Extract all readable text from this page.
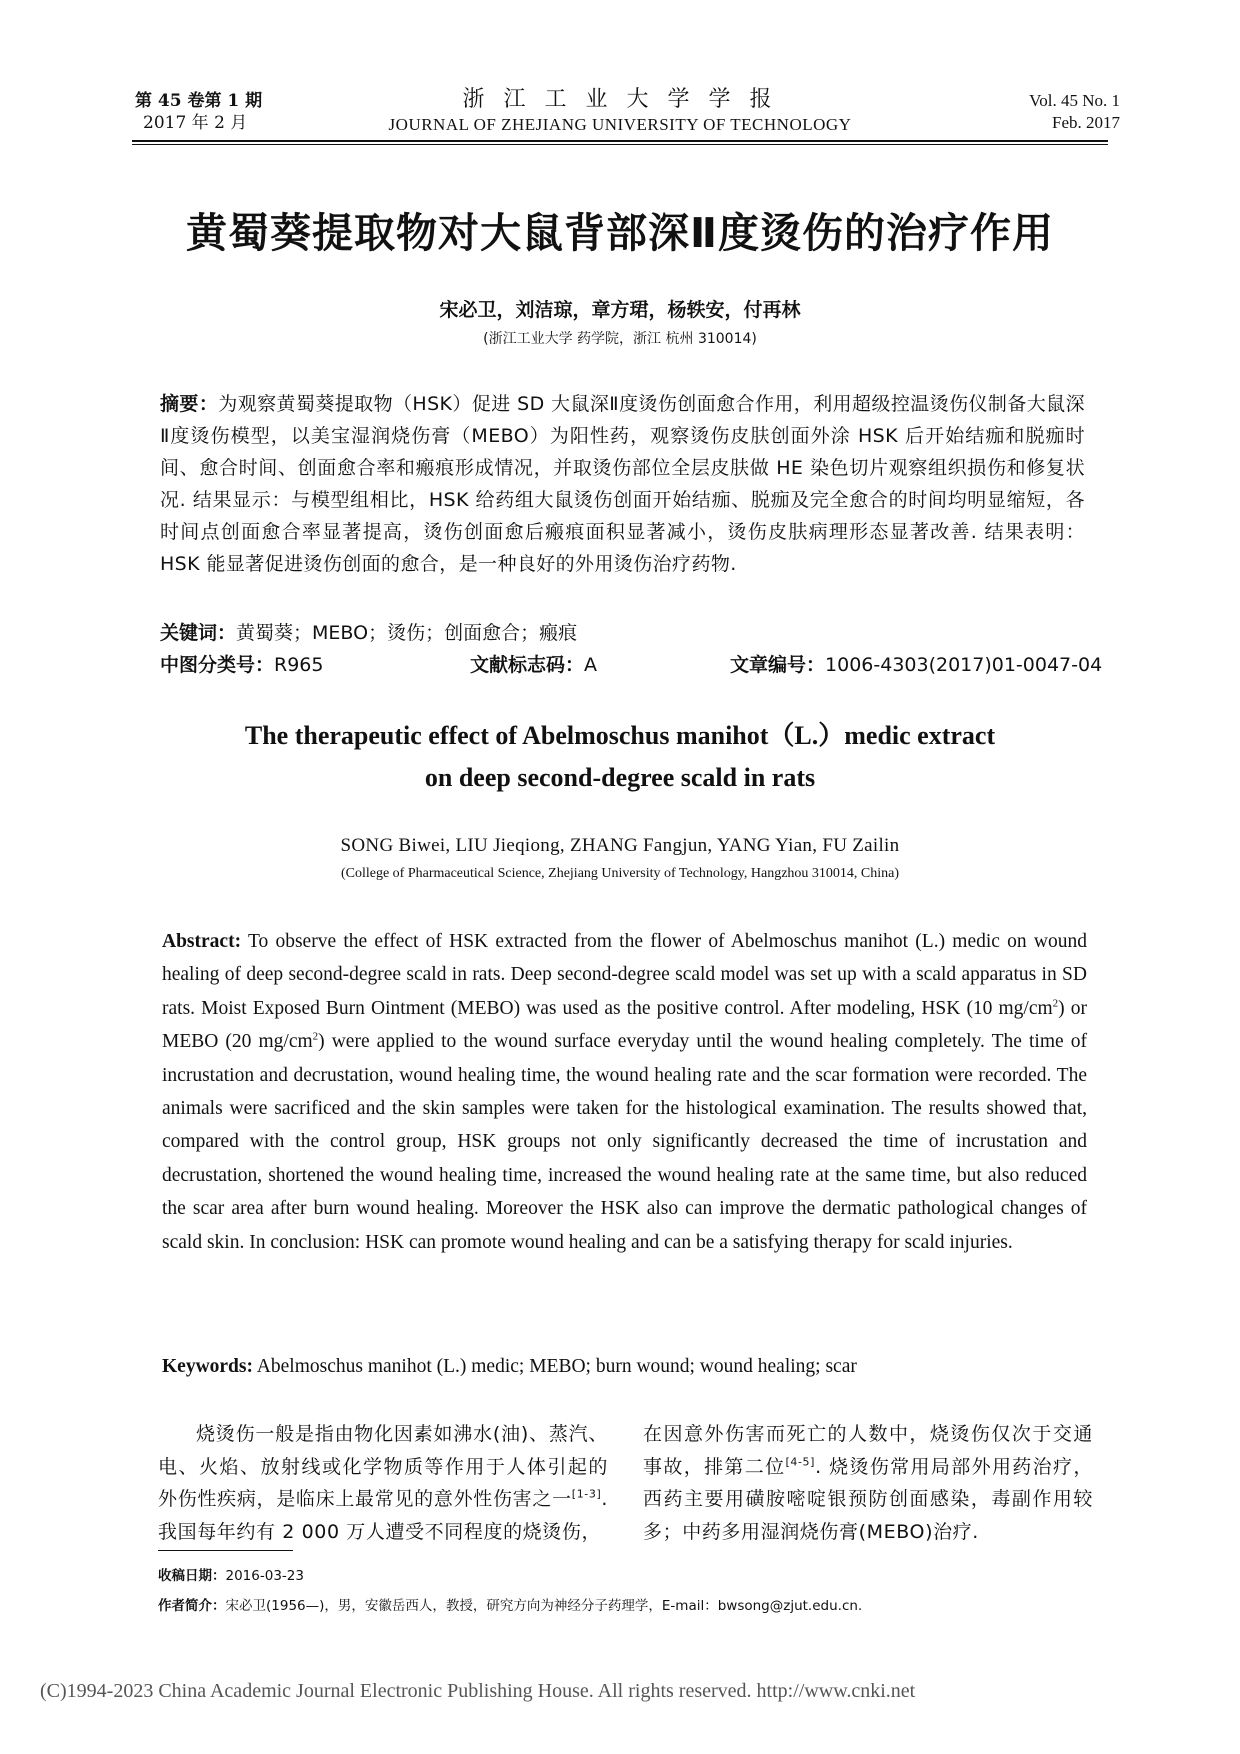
第 45 卷第 1 期
2017 年 2 月
浙 江 工 业 大 学 学 报
JOURNAL OF ZHEJIANG UNIVERSITY OF TECHNOLOGY
Vol. 45 No. 1
Feb. 2017
黄蜀葵提取物对大鼠背部深Ⅱ度烫伤的治疗作用
宋必卫，刘洁琼，章方珺，杨轶安，付再林
(浙江工业大学 药学院，浙江 杭州 310014)
摘要：为观察黄蜀葵提取物（HSK）促进 SD 大鼠深Ⅱ度烫伤创面愈合作用，利用超级控温烫伤仪制备大鼠深Ⅱ度烫伤模型，以美宝湿润烧伤膏（MEBO）为阳性药，观察烫伤皮肤创面外涂 HSK 后开始结痂和脱痂时间、愈合时间、创面愈合率和瘢痕形成情况，并取烫伤部位全层皮肤做 HE 染色切片观察组织损伤和修复状况. 结果显示：与模型组相比，HSK 给药组大鼠烫伤创面开始结痂、脱痂及完全愈合的时间均明显缩短，各时间点创面愈合率显著提高，烫伤创面愈后瘢痕面积显著减小，烫伤皮肤病理形态显著改善. 结果表明：HSK 能显著促进烫伤创面的愈合，是一种良好的外用烫伤治疗药物.
关键词：黄蜀葵；MEBO；烫伤；创面愈合；瘢痕
中图分类号：R965	文献标志码：A	文章编号：1006-4303(2017)01-0047-04
The therapeutic effect of Abelmoschus manihot（L.）medic extract
on deep second-degree scald in rats
SONG Biwei, LIU Jieqiong, ZHANG Fangjun, YANG Yian, FU Zailin
(College of Pharmaceutical Science, Zhejiang University of Technology, Hangzhou 310014, China)
Abstract: To observe the effect of HSK extracted from the flower of Abelmoschus manihot (L.) medic on wound healing of deep second-degree scald in rats. Deep second-degree scald model was set up with a scald apparatus in SD rats. Moist Exposed Burn Ointment (MEBO) was used as the positive control. After modeling, HSK (10 $mg/cm^2$) or MEBO (20 $mg/cm^2$) were applied to the wound surface everyday until the wound healing completely. The time of incrustation and decrustation, wound healing time, the wound healing rate and the scar formation were recorded. The animals were sacrificed and the skin samples were taken for the histological examination. The results showed that, compared with the control group, HSK groups not only significantly decreased the time of incrustation and decrustation, shortened the wound healing time, increased the wound healing rate at the same time, but also reduced the scar area after burn wound healing. Moreover the HSK also can improve the dermatic pathological changes of scald skin. In conclusion: HSK can promote wound healing and can be a satisfying therapy for scald injuries.
Keywords: Abelmoschus manihot (L.) medic; MEBO; burn wound; wound healing; scar
烧烫伤一般是指由物化因素如沸水(油)、蒸汽、电、火焰、放射线或化学物质等作用于人体引起的外伤性疾病，是临床上最常见的意外性伤害之一[1-3]. 我国每年约有 2 000 万人遭受不同程度的烧烫伤，
在因意外伤害而死亡的人数中，烧烫伤仅次于交通事故，排第二位[4-5]. 烧烫伤常用局部外用药治疗，西药主要用磺胺嘧啶银预防创面感染，毒副作用较多；中药多用湿润烧伤膏(MEBO)治疗.
收稿日期：2016-03-23
作者简介：宋必卫(1956—)，男，安徽岳西人，教授，研究方向为神经分子药理学，E-mail：bwsong@zjut.edu.cn.
(C)1994-2023 China Academic Journal Electronic Publishing House. All rights reserved. http://www.cnki.net
